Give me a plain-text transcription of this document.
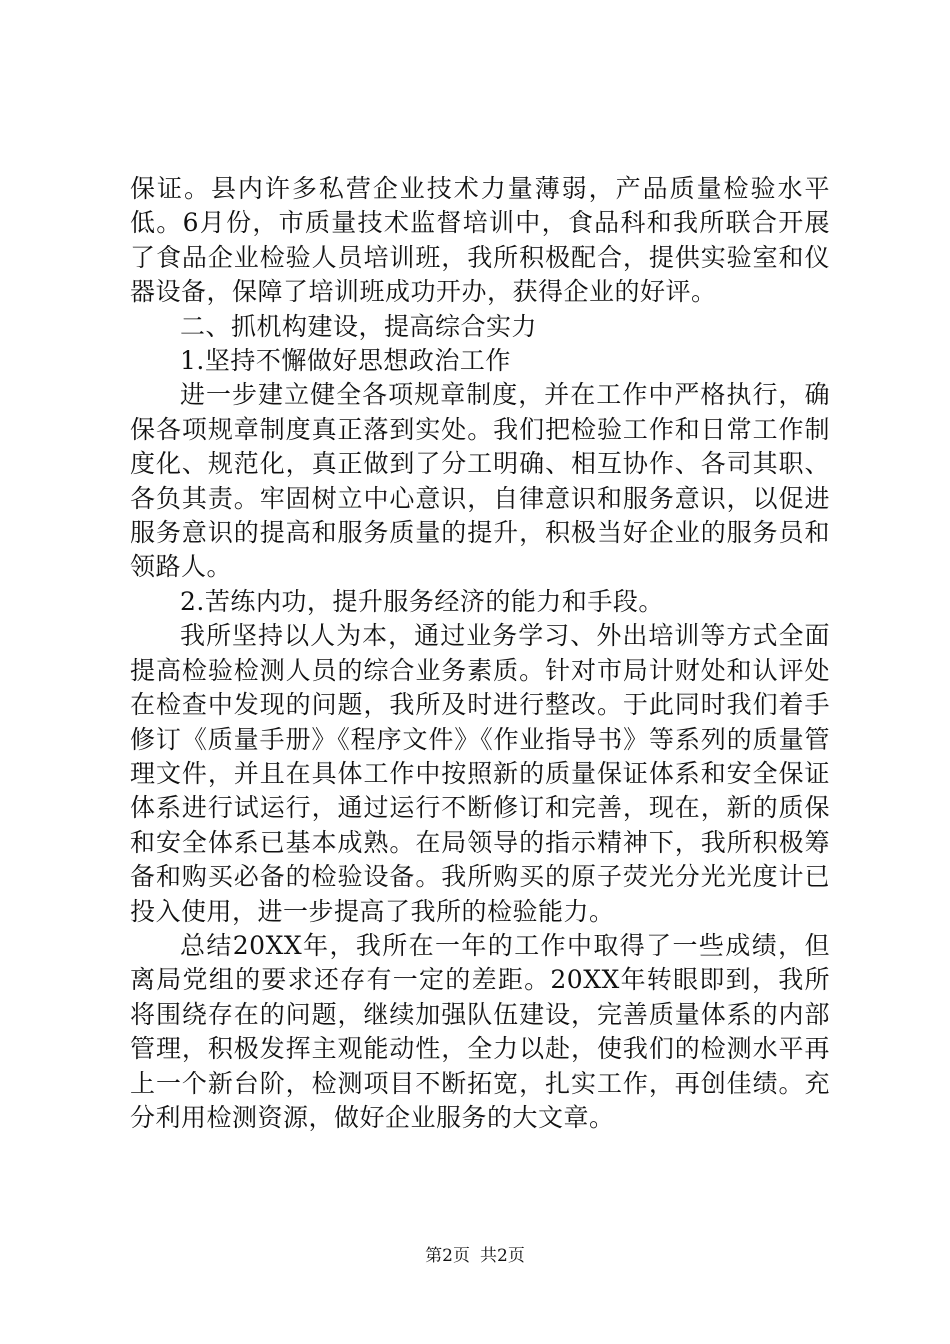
保证。县内许多私营企业技术力量薄弱，产品质量检验水平低。6月份，市质量技术监督培训中，食品科和我所联合开展了食品企业检验人员培训班，我所积极配合，提供实验室和仪器设备，保障了培训班成功开办，获得企业的好评。

二、抓机构建设，提高综合实力

1.坚持不懈做好思想政治工作

进一步建立健全各项规章制度，并在工作中严格执行，确保各项规章制度真正落到实处。我们把检验工作和日常工作制度化、规范化，真正做到了分工明确、相互协作、各司其职、各负其责。牢固树立中心意识，自律意识和服务意识，以促进服务意识的提高和服务质量的提升，积极当好企业的服务员和领路人。

2.苦练内功，提升服务经济的能力和手段。

我所坚持以人为本，通过业务学习、外出培训等方式全面提高检验检测人员的综合业务素质。针对市局计财处和认评处在检查中发现的问题，我所及时进行整改。于此同时我们着手修订《质量手册》《程序文件》《作业指导书》等系列的质量管理文件，并且在具体工作中按照新的质量保证体系和安全保证体系进行试运行，通过运行不断修订和完善，现在，新的质保和安全体系已基本成熟。在局领导的指示精神下，我所积极筹备和购买必备的检验设备。我所购买的原子荧光分光光度计已投入使用，进一步提高了我所的检验能力。

总结20XX年，我所在一年的工作中取得了一些成绩，但离局党组的要求还存有一定的差距。20XX年转眼即到，我所将围绕存在的问题，继续加强队伍建设，完善质量体系的内部管理，积极发挥主观能动性，全力以赴，使我们的检测水平再上一个新台阶，检测项目不断拓宽，扎实工作，再创佳绩。充分利用检测资源，做好企业服务的大文章。

第2页 共2页
